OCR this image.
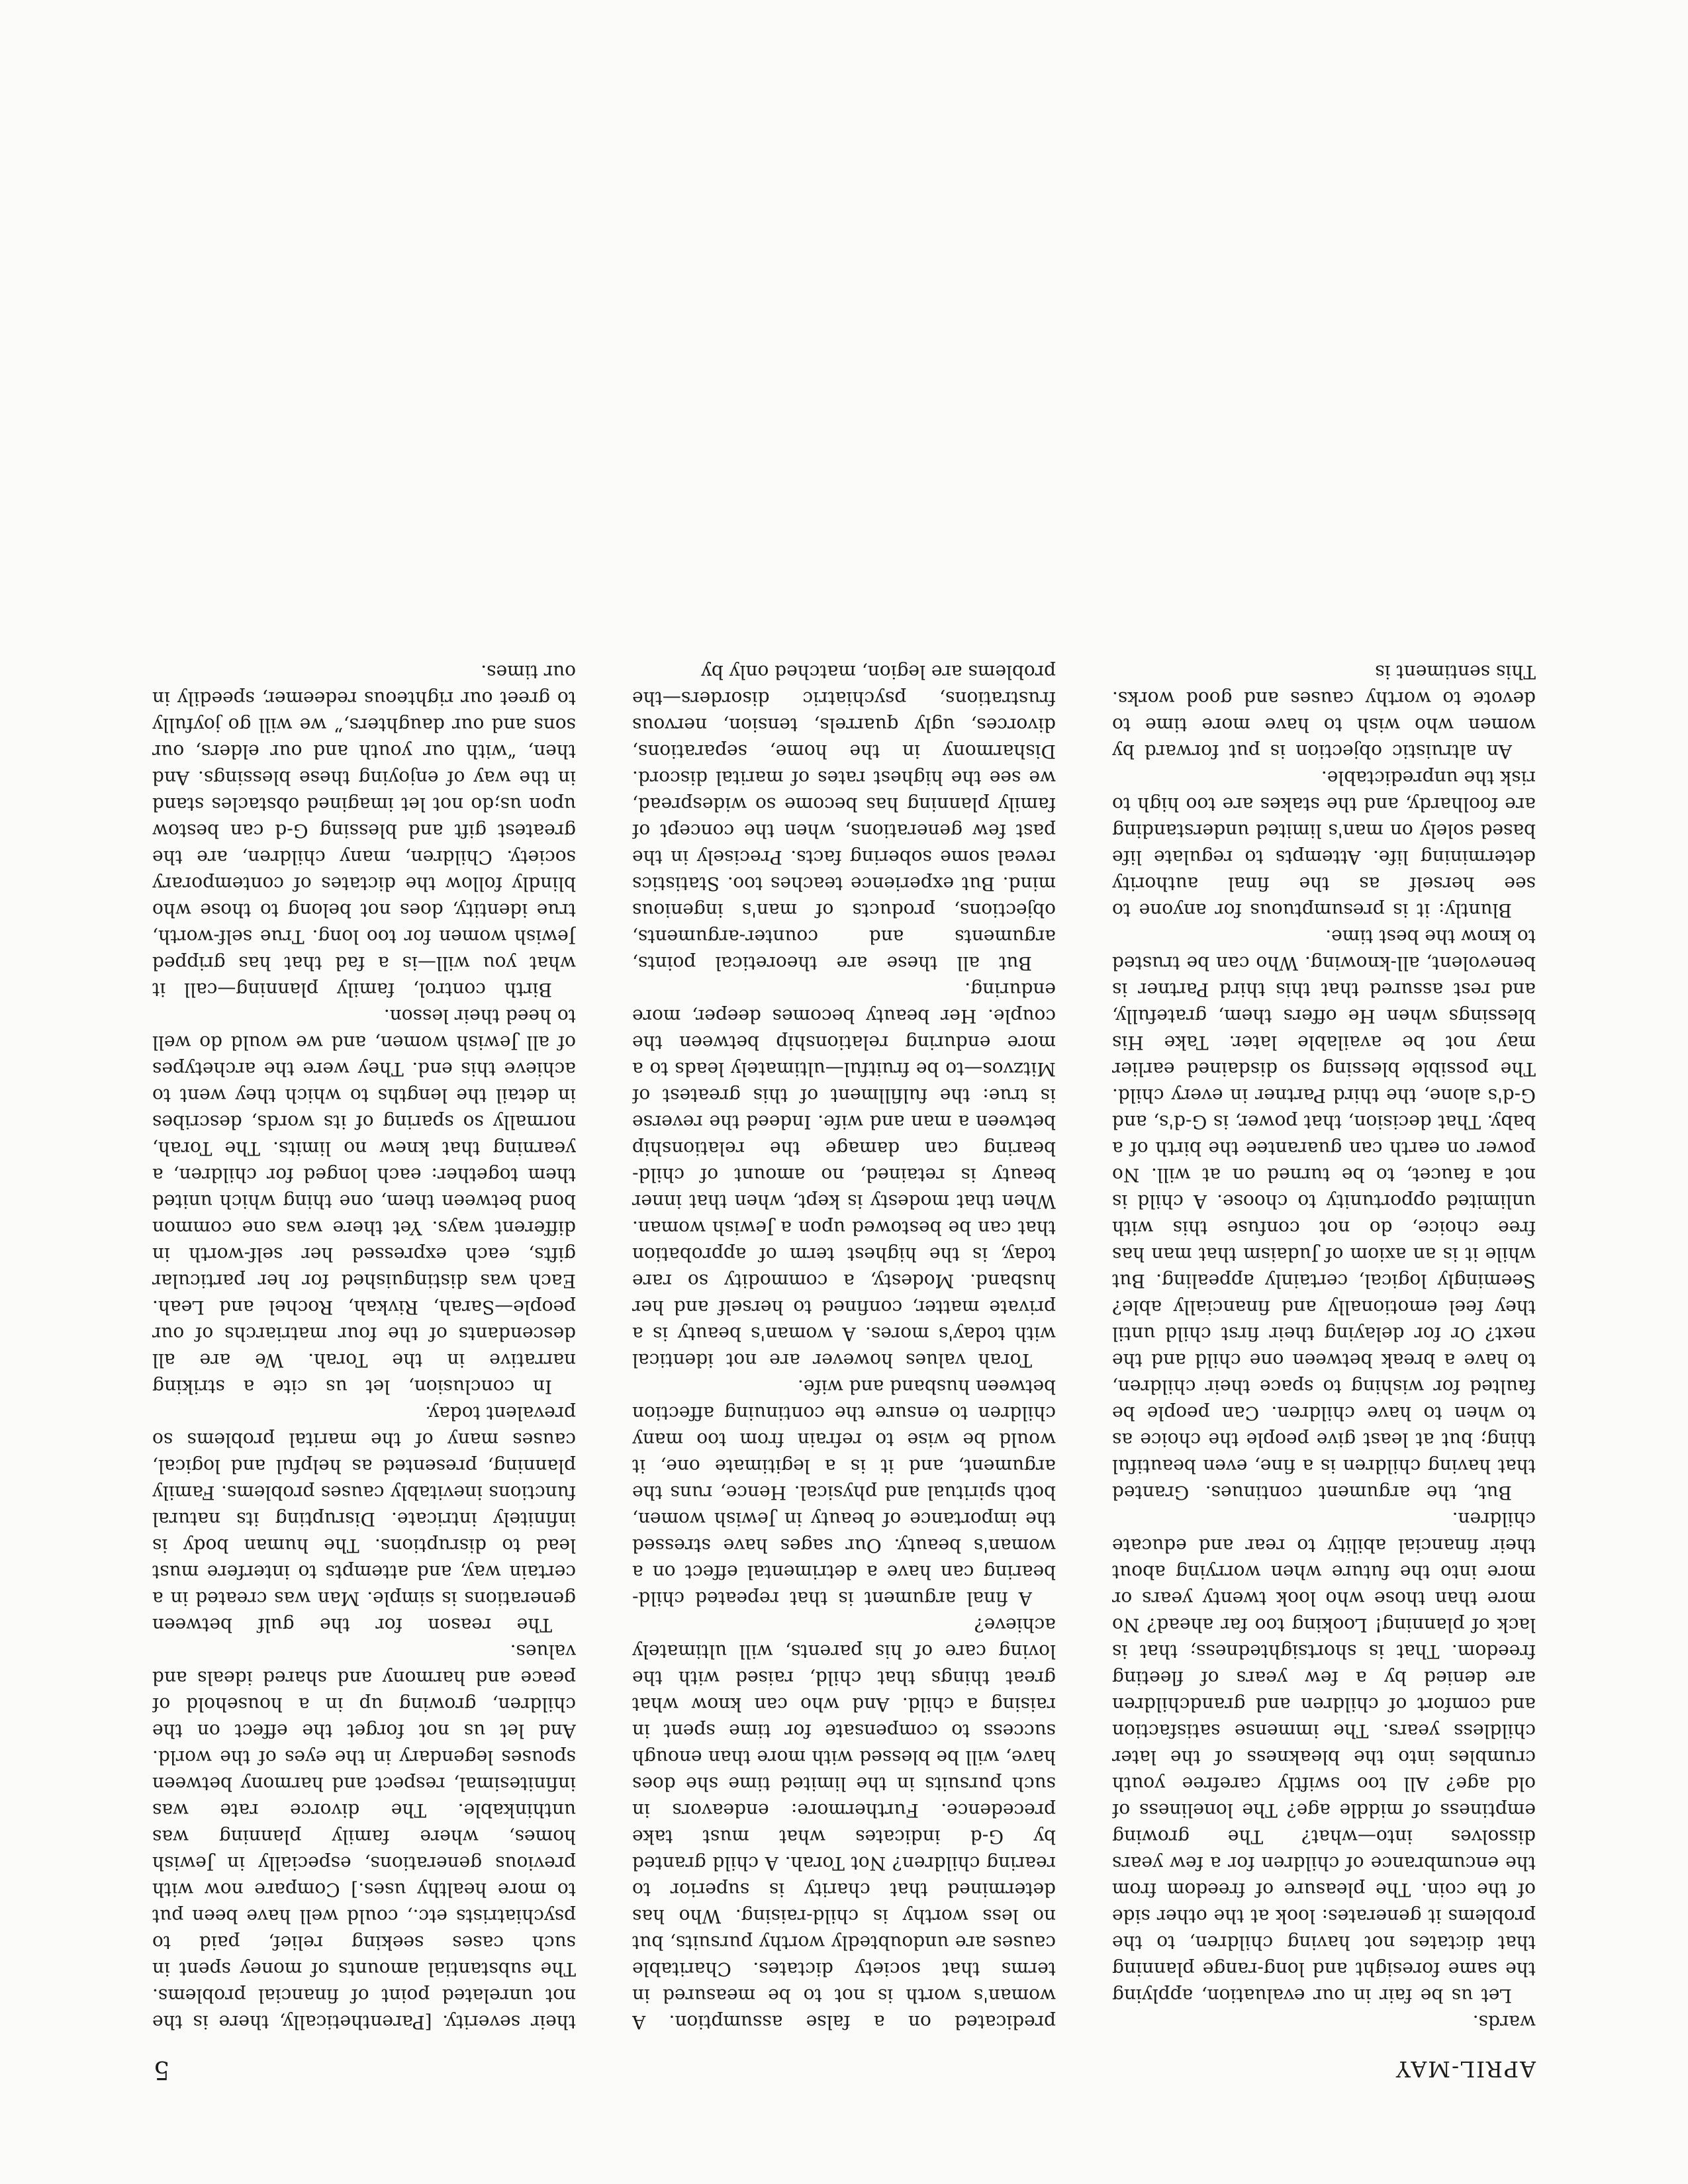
APRIL-MAY
5

wards.

Let us be fair in our evaluation, applying the same foresight and long-range planning that dictates not having children, to the problems it generates: look at the other side of the coin. The pleasure of freedom from the encumbrance of children for a few years dissolves into—what? The growing emptiness of middle age? The loneliness of old age? All too swiftly carefree youth crumbles into the bleakness of the later childless years. The immense satisfaction and comfort of children and grandchildren are denied by a few years of fleeting freedom. That is shortsightedness; that is lack of planning! Looking too far ahead? No more than those who look twenty years or more into the future when worrying about their financial ability to rear and educate children.

But, the argument continues. Granted that having children is a fine, even beautiful thing; but at least give people the choice as to when to have children. Can people be faulted for wishing to space their children, to have a break between one child and the next? Or for delaying their first child until they feel emotionally and financially able? Seemingly logical, certainly appealing. But while it is an axiom of Judaism that man has free choice, do not confuse this with unlimited opportunity to choose. A child is not a faucet, to be turned on at will. No power on earth can guarantee the birth of a baby. That decision, that power, is G-d's, and G-d's alone, the third Partner in every child. The possible blessing so disdained earlier may not be available later. Take His blessings when He offers them, gratefully, and rest assured that this third Partner is benevolent, all-knowing. Who can be trusted to know the best time.

Bluntly: it is presumptuous for anyone to see herself as the final authority determining life. Attempts to regulate life based solely on man's limited understanding are foolhardy, and the stakes are too high to risk the unpredictable.

An altruistic objection is put forward by women who wish to have more time to devote to worthy causes and good works. This sentiment is

predicated on a false assumption. A woman's worth is not to be measured in terms that society dictates. Charitable causes are undoubtedly worthy pursuits, but no less worthy is child-raising. Who has determined that charity is superior to rearing children? Not Torah. A child granted by G-d indicates what must take precedence. Furthermore: endeavors in such pursuits in the limited time she does have, will be blessed with more than enough success to compensate for time spent in raising a child. And who can know what great things that child, raised with the loving care of his parents, will ultimately achieve?

A final argument is that repeated child-bearing can have a detrimental effect on a woman's beauty. Our sages have stressed the importance of beauty in Jewish women, both spiritual and physical. Hence, runs the argument, and it is a legitimate one, it would be wise to refrain from too many children to ensure the continuing affection between husband and wife.

Torah values however are not identical with today's mores. A woman's beauty is a private matter, confined to herself and her husband. Modesty, a commodity so rare today, is the highest term of approbation that can be bestowed upon a Jewish woman. When that modesty is kept, when that inner beauty is retained, no amount of child-bearing can damage the relationship between a man and wife. Indeed the reverse is true: the fulfillment of this greatest of Mitzvos—to be fruitful—ultimately leads to a more enduring relationship between the couple. Her beauty becomes deeper, more enduring.

But all these are theoretical points, arguments and counter-arguments, objections, products of man's ingenious mind. But experience teaches too. Statistics reveal some sobering facts. Precisely in the past few generations, when the concept of family planning has become so widespread, we see the highest rates of marital discord. Disharmony in the home, separations, divorces, ugly quarrels, tension, nervous frustrations, psychiatric disorders—the problems are legion, matched only by

their severity. [Parenthetically, there is the not unrelated point of financial problems. The substantial amounts of money spent in such cases seeking relief, paid to psychiatrists etc., could well have been put to more healthy uses.] Compare now with previous generations, especially in Jewish homes, where family planning was unthinkable. The divorce rate was infinitesimal, respect and harmony between spouses legendary in the eyes of the world. And let us not forget the effect on the children, growing up in a household of peace and harmony and shared ideals and values.

The reason for the gulf between generations is simple. Man was created in a certain way, and attempts to interfere must lead to disruptions. The human body is infinitely intricate. Disrupting its natural functions inevitably causes problems. Family planning, presented as helpful and logical, causes many of the marital problems so prevalent today.

In conclusion, let us cite a striking narrative in the Torah. We are all descendants of the four matriarchs of our people—Sarah, Rivkah, Rochel and Leah. Each was distinguished for her particular gifts, each expressed her self-worth in different ways. Yet there was one common bond between them, one thing which united them together: each longed for children, a yearning that knew no limits. The Torah, normally so sparing of its words, describes in detail the lengths to which they went to achieve this end. They were the archetypes of all Jewish women, and we would do well to heed their lesson.

Birth control, family planning—call it what you will—is a fad that has gripped Jewish women for too long. True self-worth, true identity, does not belong to those who blindly follow the dictates of contemporary society. Children, many children, are the greatest gift and blessing G-d can bestow upon us;do not let imagined obstacles stand in the way of enjoying these blessings. And then, “with our youth and our elders, our sons and our daughters,” we will go joyfully to greet our righteous redeemer, speedily in our times.
